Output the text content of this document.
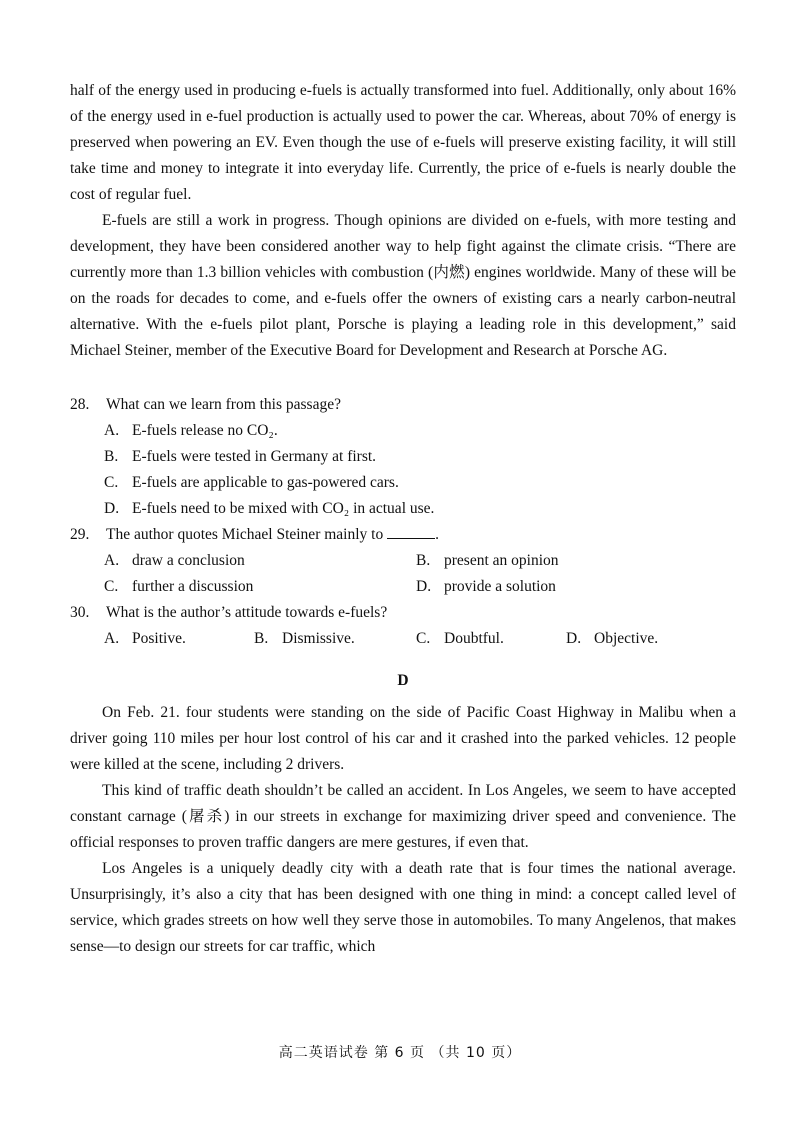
half of the energy used in producing e-fuels is actually transformed into fuel. Additionally, only about 16% of the energy used in e-fuel production is actually used to power the car. Whereas, about 70% of energy is preserved when powering an EV. Even though the use of e-fuels will preserve existing facility, it will still take time and money to integrate it into everyday life. Currently, the price of e-fuels is nearly double the cost of regular fuel.

E-fuels are still a work in progress. Though opinions are divided on e-fuels, with more testing and development, they have been considered another way to help fight against the climate crisis. “There are currently more than 1.3 billion vehicles with combustion (内燃) engines worldwide. Many of these will be on the roads for decades to come, and e-fuels offer the owners of existing cars a nearly carbon-neutral alternative. With the e-fuels pilot plant, Porsche is playing a leading role in this development,” said Michael Steiner, member of the Executive Board for Development and Research at Porsche AG.

28.	What can we learn from this passage?
A. E-fuels release no CO₂.
B. E-fuels were tested in Germany at first.
C. E-fuels are applicable to gas-powered cars.
D. E-fuels need to be mixed with CO₂ in actual use.
29.	The author quotes Michael Steiner mainly to	.
A. draw a conclusion	B. present an opinion
C. further a discussion	D. provide a solution
30.	What is the author’s attitude towards e-fuels?
A. Positive.	B. Dismissive.	C. Doubtful.	D. Objective.
D

On Feb. 21. four students were standing on the side of Pacific Coast Highway in Malibu when a driver going 110 miles per hour lost control of his car and it crashed into the parked vehicles. 12 people were killed at the scene, including 2 drivers.

This kind of traffic death shouldn’t be called an accident. In Los Angeles, we seem to have accepted constant carnage (屠杀) in our streets in exchange for maximizing driver speed and convenience. The official responses to proven traffic dangers are mere gestures, if even that.

Los Angeles is a uniquely deadly city with a death rate that is four times the national average. Unsurprisingly, it’s also a city that has been designed with one thing in mind: a concept called level of service, which grades streets on how well they serve those in automobiles. To many Angelenos, that makes sense—to design our streets for car traffic, which

高二英语试卷 第 6 页 （共 10 页）
